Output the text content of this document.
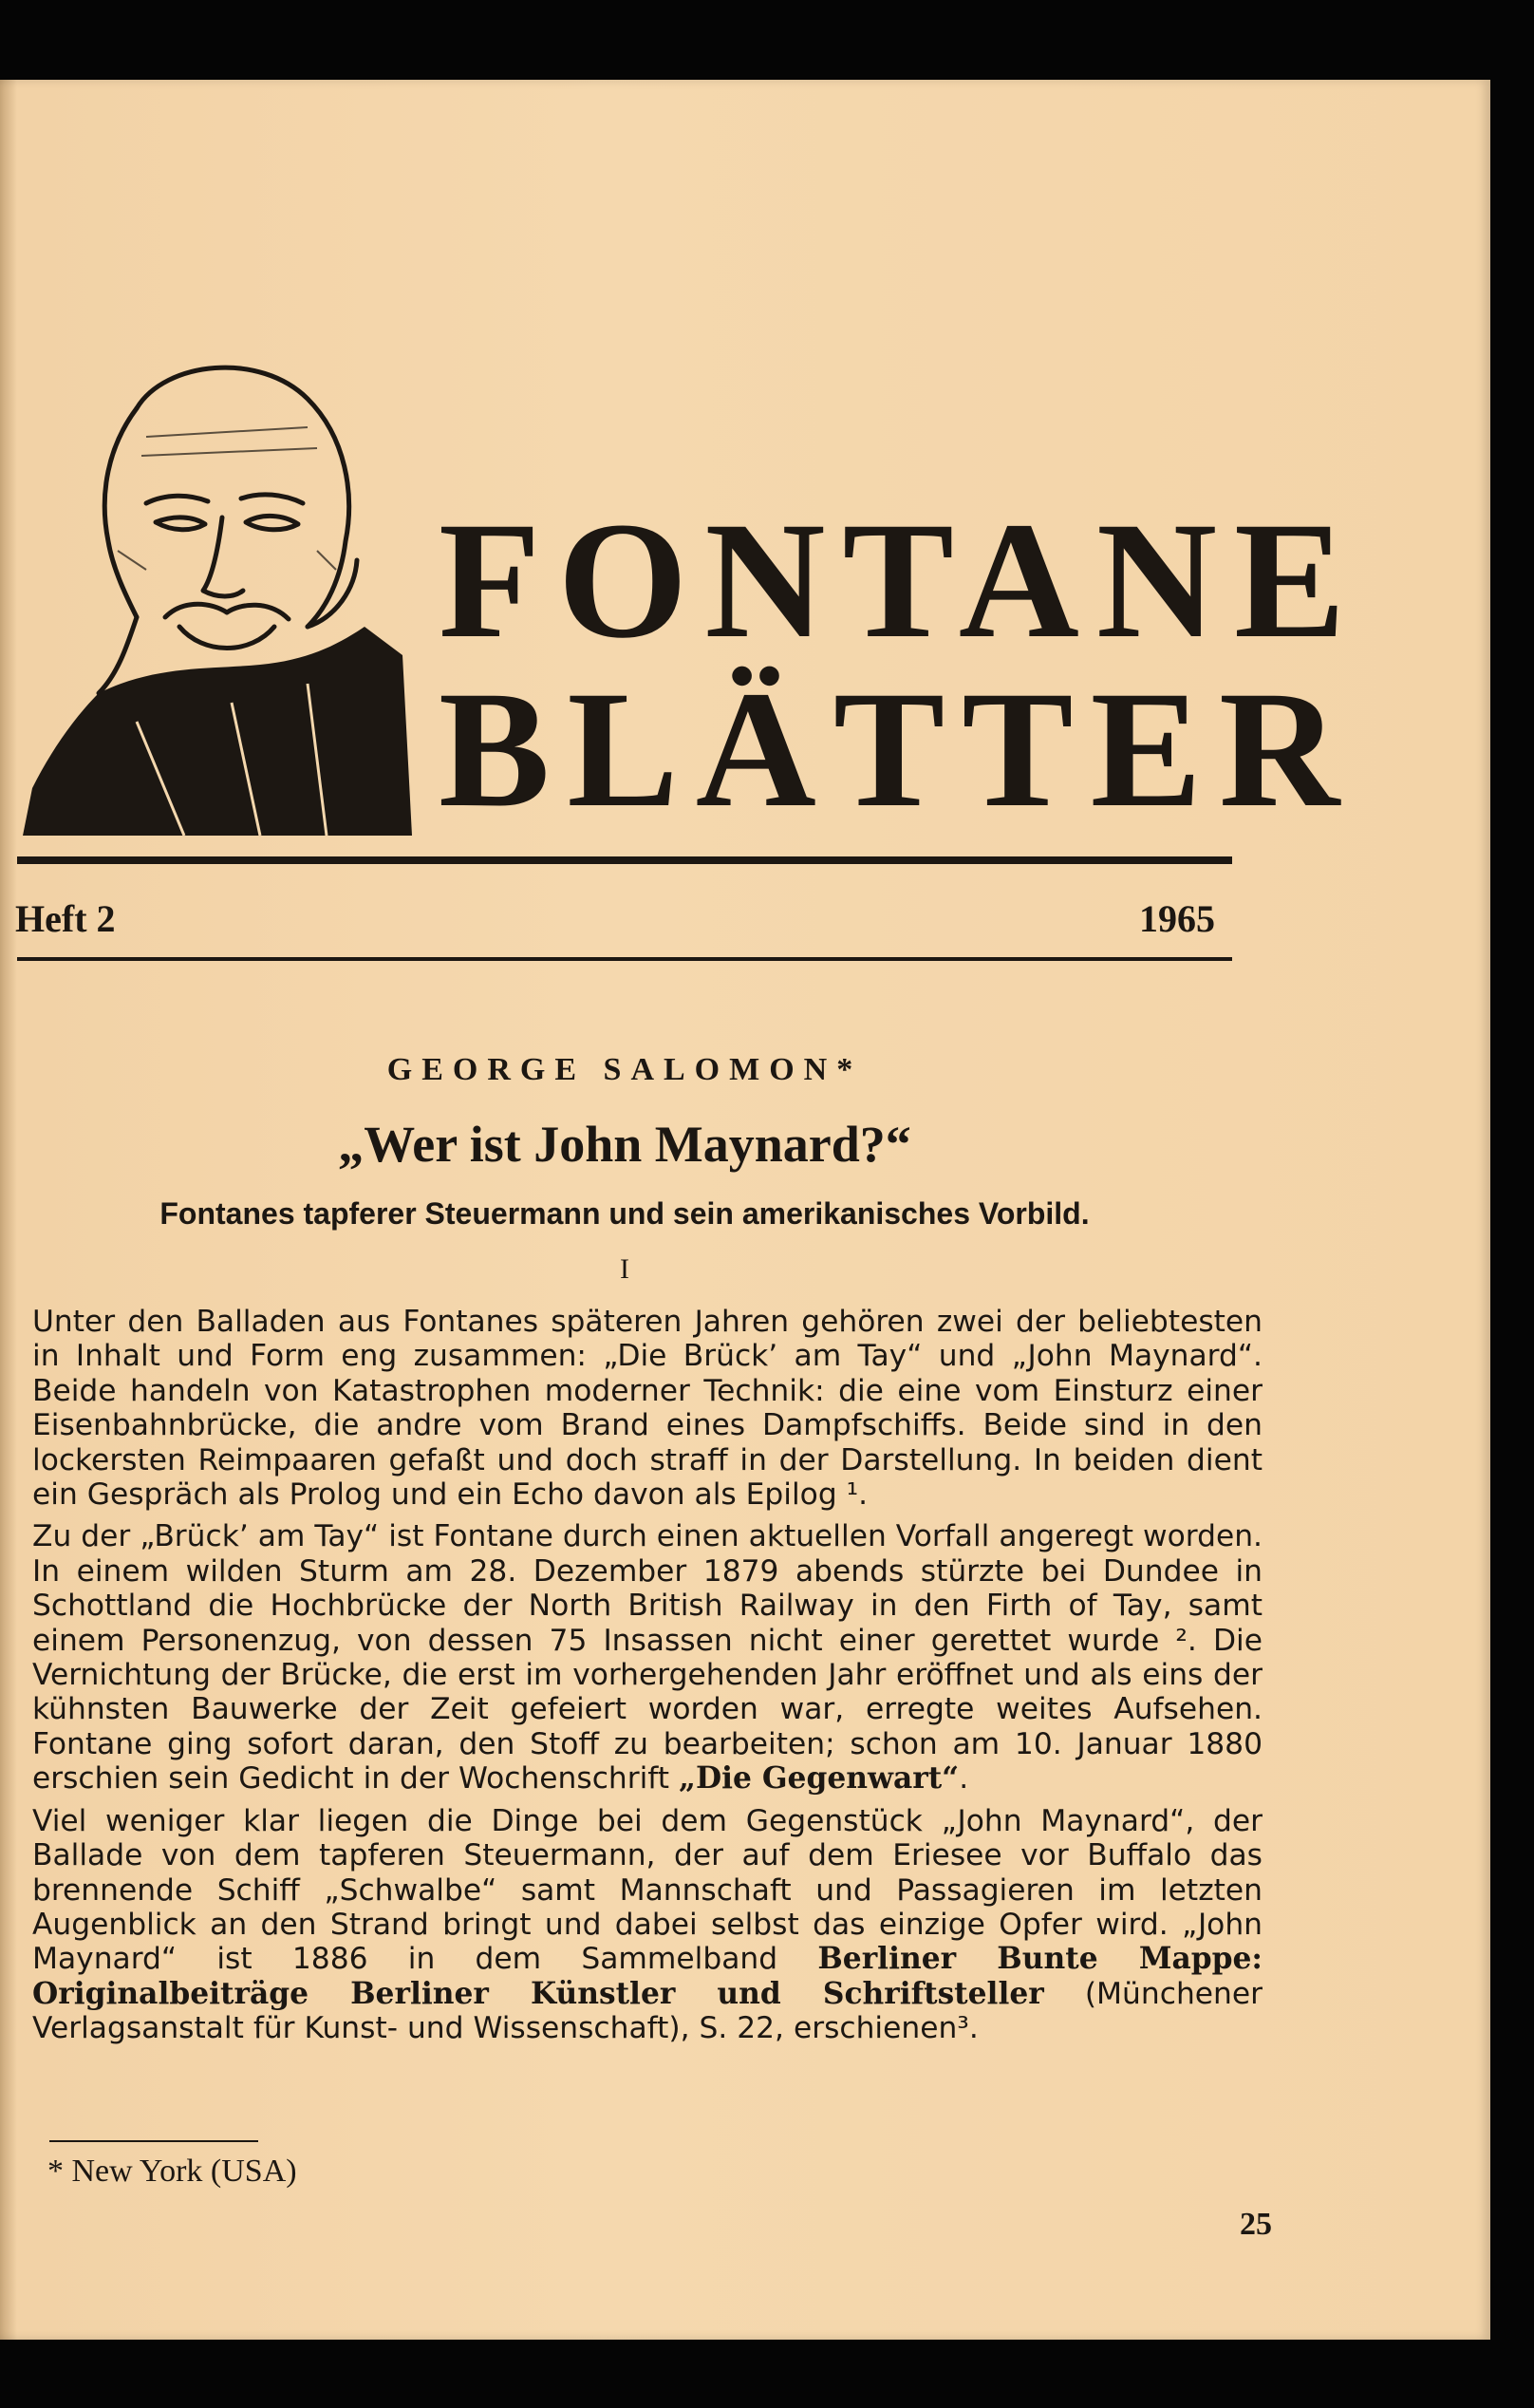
FONTANE
BLÄTTER
Heft 2	1965
GEORGE SALOMON*
„Wer ist John Maynard?“
Fontanes tapferer Steuermann und sein amerikanisches Vorbild.
I

Unter den Balladen aus Fontanes späteren Jahren gehören zwei der beliebtesten in Inhalt und Form eng zusammen: „Die Brück’ am Tay“ und „John Maynard“. Beide handeln von Katastrophen moderner Technik: die eine vom Einsturz einer Eisenbahnbrücke, die andre vom Brand eines Dampfschiffs. Beide sind in den lockersten Reimpaaren gefaßt und doch straff in der Darstellung. In beiden dient ein Gespräch als Prolog und ein Echo davon als Epilog ¹.

Zu der „Brück’ am Tay“ ist Fontane durch einen aktuellen Vorfall angeregt worden. In einem wilden Sturm am 28. Dezember 1879 abends stürzte bei Dundee in Schottland die Hochbrücke der North British Railway in den Firth of Tay, samt einem Personenzug, von dessen 75 Insassen nicht einer gerettet wurde ². Die Vernichtung der Brücke, die erst im vorhergehenden Jahr eröffnet und als eins der kühnsten Bauwerke der Zeit gefeiert worden war, erregte weites Aufsehen. Fontane ging sofort daran, den Stoff zu bearbeiten; schon am 10. Januar 1880 erschien sein Gedicht in der Wochenschrift „Die Gegenwart“.

Viel weniger klar liegen die Dinge bei dem Gegenstück „John Maynard“, der Ballade von dem tapferen Steuermann, der auf dem Eriesee vor Buffalo das brennende Schiff „Schwalbe“ samt Mannschaft und Passagieren im letzten Augenblick an den Strand bringt und dabei selbst das einzige Opfer wird. „John Maynard“ ist 1886 in dem Sammelband Berliner Bunte Mappe: Originalbeiträge Berliner Künstler und Schriftsteller (Münchener Verlagsanstalt für Kunst- und Wissenschaft), S. 22, erschienen³.

* New York (USA)
25
